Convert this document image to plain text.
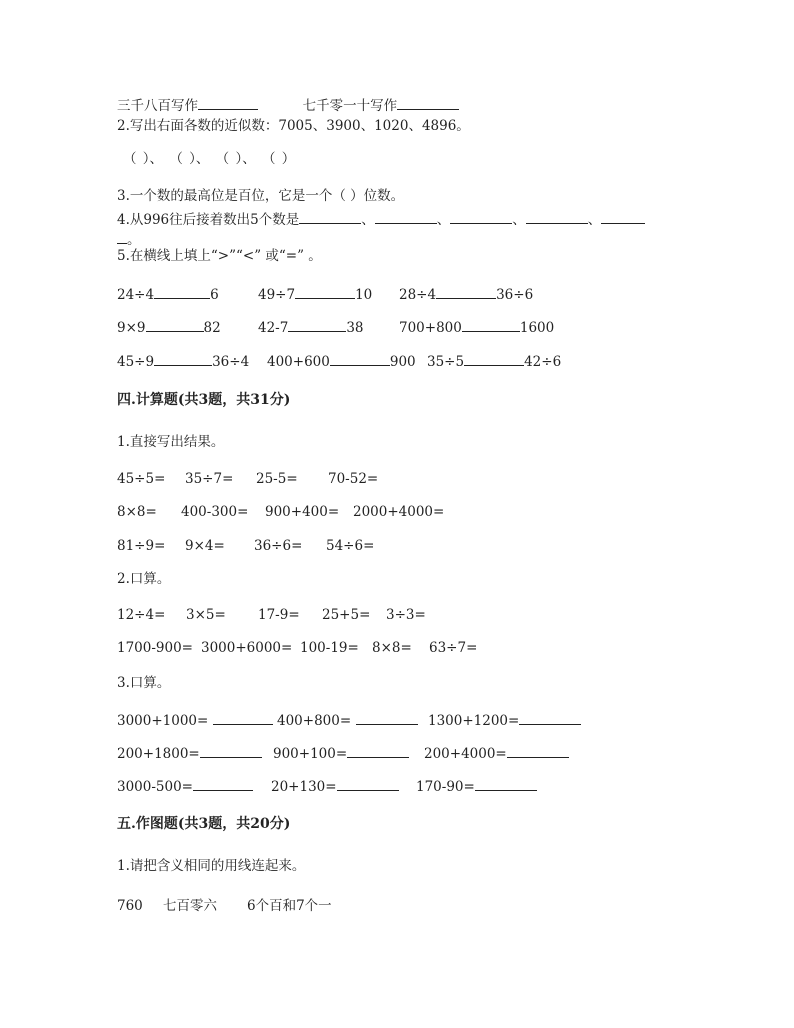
三千八百写作	七千零一十写作
2.写出右面各数的近似数：7005、3900、1020、4896。
（ ）、 （ ）、 （ ）、 （ ）
3.一个数的最高位是百位，它是一个（ ）位数。
4.从996往后接着数出5个数是	、	、	、	、
。
5.在横线上填上“>”“<” 或“=” 。
24÷4	6	49÷7	10 28÷4	36÷6
9×9	82	42-7	38	700+800	1600
45÷9	36÷4 400+600	900 35÷5	42÷6
四.计算题(共3题，共31分)
1.直接写出结果。
45÷5= 35÷7= 25-5= 70-52=
8×8= 400-300= 900+400= 2000+4000=
81÷9= 9×4= 36÷6= 54÷6=
2.口算。
12÷4= 3×5= 17-9= 25+5= 3÷3=
1700-900= 3000+6000= 100-19= 8×8= 63÷7=
3.口算。
3000+1000=	400+800=	1300+1200=
200+1800=	900+100=	200+4000=
3000-500=	20+130=	170-90=
五.作图题(共3题，共20分)
1.请把含义相同的用线连起来。
760 七百零六 6个百和7个一
